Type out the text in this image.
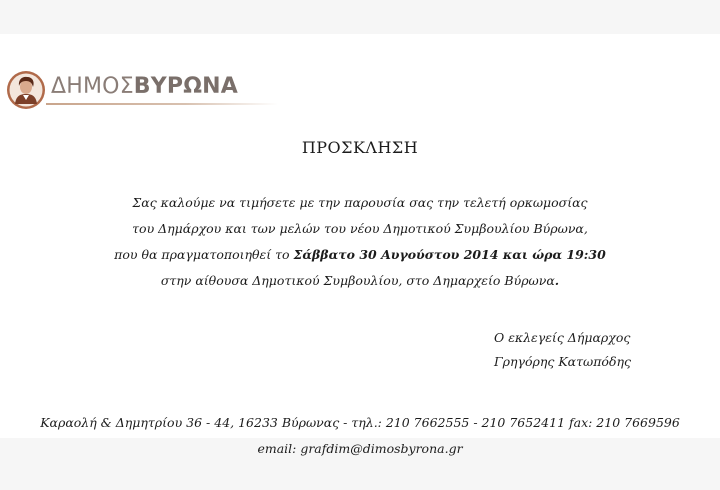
ΔΗΜΟΣΒΥΡΩΝΑ
ΠΡΟΣΚΛΗΣΗ

Σας καλούμε να τιμήσετε με την παρουσία σας την τελετή ορκωμοσίας

του Δημάρχου και των μελών του νέου Δημοτικού Συμβουλίου Βύρωνα,

που θα πραγματοποιηθεί το Σάββατο 30 Αυγούστου 2014 και ώρα 19:30

στην αίθουσα Δημοτικού Συμβουλίου, στο Δημαρχείο Βύρωνα.

Ο εκλεγείς Δήμαρχος
Γρηγόρης Κατωπόδης
Καραολή & Δημητρίου 36 - 44, 16233 Βύρωνας - τηλ.: 210 7662555 - 210 7652411 fax: 210 7669596
email: grafdim@dimosbyrona.gr
